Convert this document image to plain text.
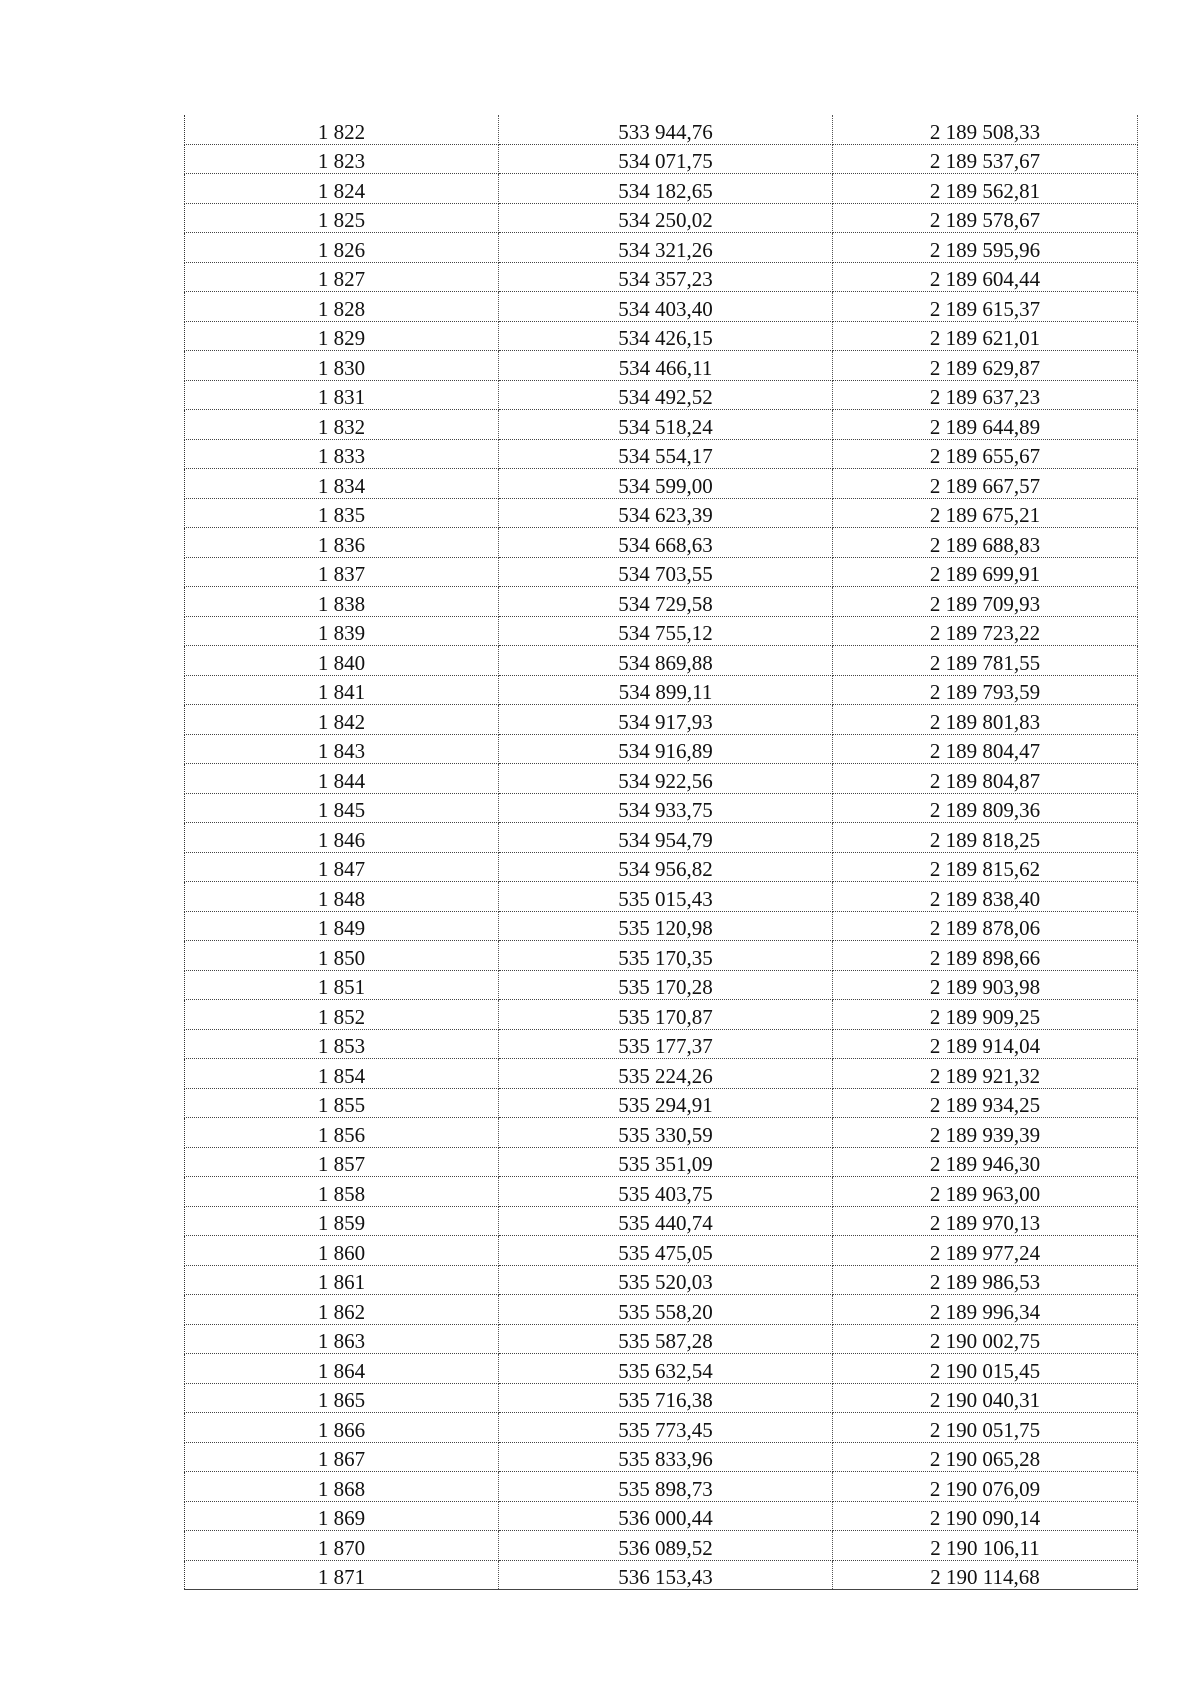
1 822	533 944,76	2 189 508,33
1 823	534 071,75	2 189 537,67
1 824	534 182,65	2 189 562,81
1 825	534 250,02	2 189 578,67
1 826	534 321,26	2 189 595,96
1 827	534 357,23	2 189 604,44
1 828	534 403,40	2 189 615,37
1 829	534 426,15	2 189 621,01
1 830	534 466,11	2 189 629,87
1 831	534 492,52	2 189 637,23
1 832	534 518,24	2 189 644,89
1 833	534 554,17	2 189 655,67
1 834	534 599,00	2 189 667,57
1 835	534 623,39	2 189 675,21
1 836	534 668,63	2 189 688,83
1 837	534 703,55	2 189 699,91
1 838	534 729,58	2 189 709,93
1 839	534 755,12	2 189 723,22
1 840	534 869,88	2 189 781,55
1 841	534 899,11	2 189 793,59
1 842	534 917,93	2 189 801,83
1 843	534 916,89	2 189 804,47
1 844	534 922,56	2 189 804,87
1 845	534 933,75	2 189 809,36
1 846	534 954,79	2 189 818,25
1 847	534 956,82	2 189 815,62
1 848	535 015,43	2 189 838,40
1 849	535 120,98	2 189 878,06
1 850	535 170,35	2 189 898,66
1 851	535 170,28	2 189 903,98
1 852	535 170,87	2 189 909,25
1 853	535 177,37	2 189 914,04
1 854	535 224,26	2 189 921,32
1 855	535 294,91	2 189 934,25
1 856	535 330,59	2 189 939,39
1 857	535 351,09	2 189 946,30
1 858	535 403,75	2 189 963,00
1 859	535 440,74	2 189 970,13
1 860	535 475,05	2 189 977,24
1 861	535 520,03	2 189 986,53
1 862	535 558,20	2 189 996,34
1 863	535 587,28	2 190 002,75
1 864	535 632,54	2 190 015,45
1 865	535 716,38	2 190 040,31
1 866	535 773,45	2 190 051,75
1 867	535 833,96	2 190 065,28
1 868	535 898,73	2 190 076,09
1 869	536 000,44	2 190 090,14
1 870	536 089,52	2 190 106,11
1 871	536 153,43	2 190 114,68
